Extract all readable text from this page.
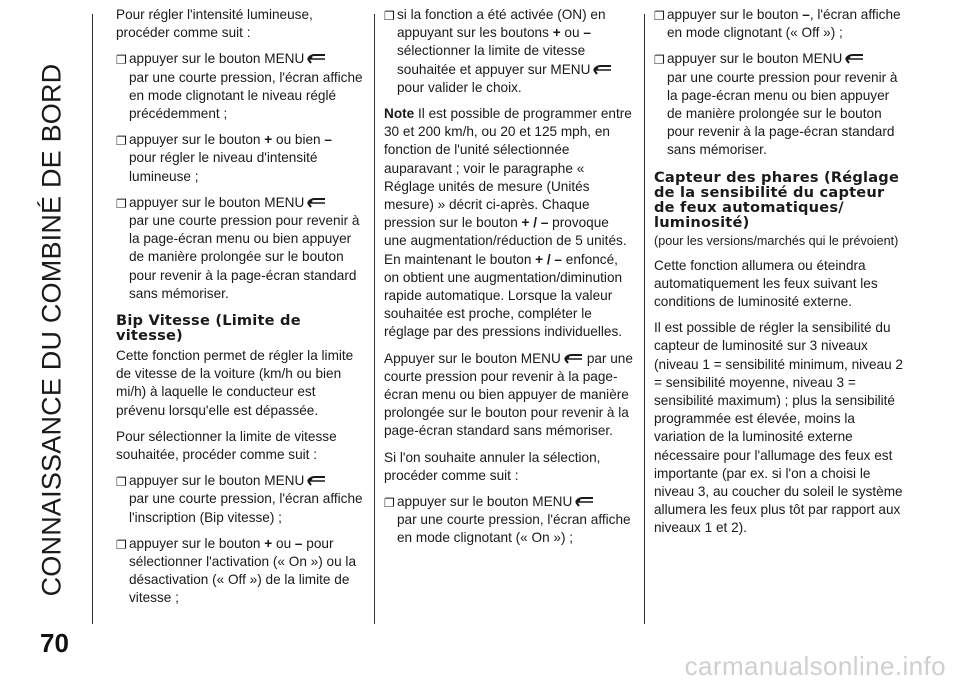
CONNAISSANCE DU COMBINÉ DE BORD
70
carmanualsonline.info

Pour régler l'intensité lumineuse, procéder comme suit :

❐ appuyer sur le bouton MENU
par une courte pression, l'écran affiche en mode clignotant le niveau réglé précédemment ;
❐ appuyer sur le bouton + ou bien –
pour régler le niveau d'intensité lumineuse ;
❐ appuyer sur le bouton MENU
par une courte pression pour revenir à la page-écran menu ou bien appuyer de manière prolongée sur le bouton pour revenir à la page-écran standard sans mémoriser.
Bip Vitesse (Limite de vitesse)

Cette fonction permet de régler la limite de vitesse de la voiture (km/h ou bien mi/h) à laquelle le conducteur est prévenu lorsqu'elle est dépassée.

Pour sélectionner la limite de vitesse souhaitée, procéder comme suit :

❐ appuyer sur le bouton MENU
par une courte pression, l'écran affiche l'inscription (Bip vitesse) ;
❐ appuyer sur le bouton + ou – pour sélectionner l'activation (« On ») ou la désactivation (« Off ») de la limite de vitesse ;
❐ si la fonction a été activée (ON) en appuyant sur les boutons + ou – sélectionner la limite de vitesse souhaitée et appuyer sur MENU pour valider le choix.

Note Il est possible de programmer entre 30 et 200 km/h, ou 20 et 125 mph, en fonction de l'unité sélectionnée auparavant ; voir le paragraphe « Réglage unités de mesure (Unités mesure) » décrit ci-après. Chaque pression sur le bouton + / – provoque une augmentation/réduction de 5 unités. En maintenant le bouton + / – enfoncé, on obtient une augmentation/diminution rapide automatique. Lorsque la valeur souhaitée est proche, compléter le réglage par des pressions individuelles.

Appuyer sur le bouton MENU par une courte pression pour revenir à la page-écran menu ou bien appuyer de manière prolongée sur le bouton pour revenir à la page-écran standard sans mémoriser.

Si l'on souhaite annuler la sélection, procéder comme suit :

❐ appuyer sur le bouton MENU
par une courte pression, l'écran affiche en mode clignotant (« On ») ;
❐ appuyer sur le bouton –, l'écran affiche en mode clignotant (« Off ») ;
❐ appuyer sur le bouton MENU
par une courte pression pour revenir à la page-écran menu ou bien appuyer de manière prolongée sur le bouton pour revenir à la page-écran standard sans mémoriser.
Capteur des phares (Réglage de la sensibilité du capteur de feux automatiques/ luminosité)

(pour les versions/marchés qui le prévoient)

Cette fonction allumera ou éteindra automatiquement les feux suivant les conditions de luminosité externe.

Il est possible de régler la sensibilité du capteur de luminosité sur 3 niveaux (niveau 1 = sensibilité minimum, niveau 2 = sensibilité moyenne, niveau 3 = sensibilité maximum) ; plus la sensibilité programmée est élevée, moins la variation de la luminosité externe nécessaire pour l'allumage des feux est importante (par ex. si l'on a choisi le niveau 3, au coucher du soleil le système allumera les feux plus tôt par rapport aux niveaux 1 et 2).
